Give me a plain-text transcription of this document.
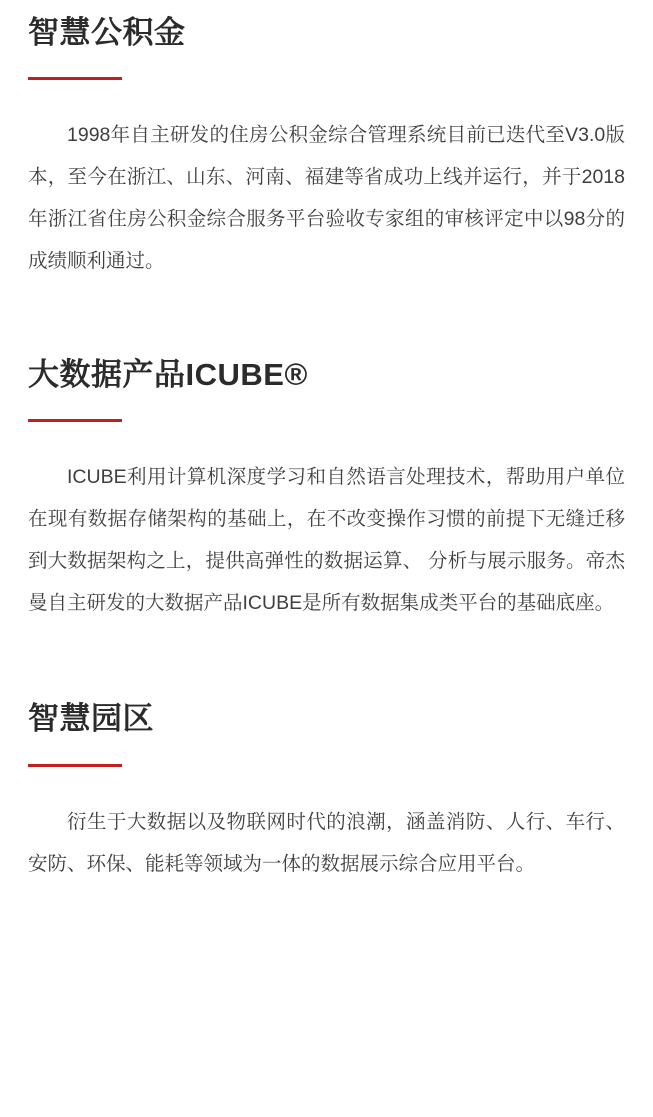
智慧公积金

1998年自主研发的住房公积金综合管理系统目前已迭代至V3.0版本，至今在浙江、山东、河南、福建等省成功上线并运行，并于2018年浙江省住房公积金综合服务平台验收专家组的审核评定中以98分的成绩顺利通过。

大数据产品ICUBE®

ICUBE利用计算机深度学习和自然语言处理技术，帮助用户单位在现有数据存储架构的基础上，在不改变操作习惯的前提下无缝迁移到大数据架构之上，提供高弹性的数据运算、 分析与展示服务。帝杰曼自主研发的大数据产品ICUBE是所有数据集成类平台的基础底座。

智慧园区

衍生于大数据以及物联网时代的浪潮，涵盖消防、人行、车行、安防、环保、能耗等领域为一体的数据展示综合应用平台。
